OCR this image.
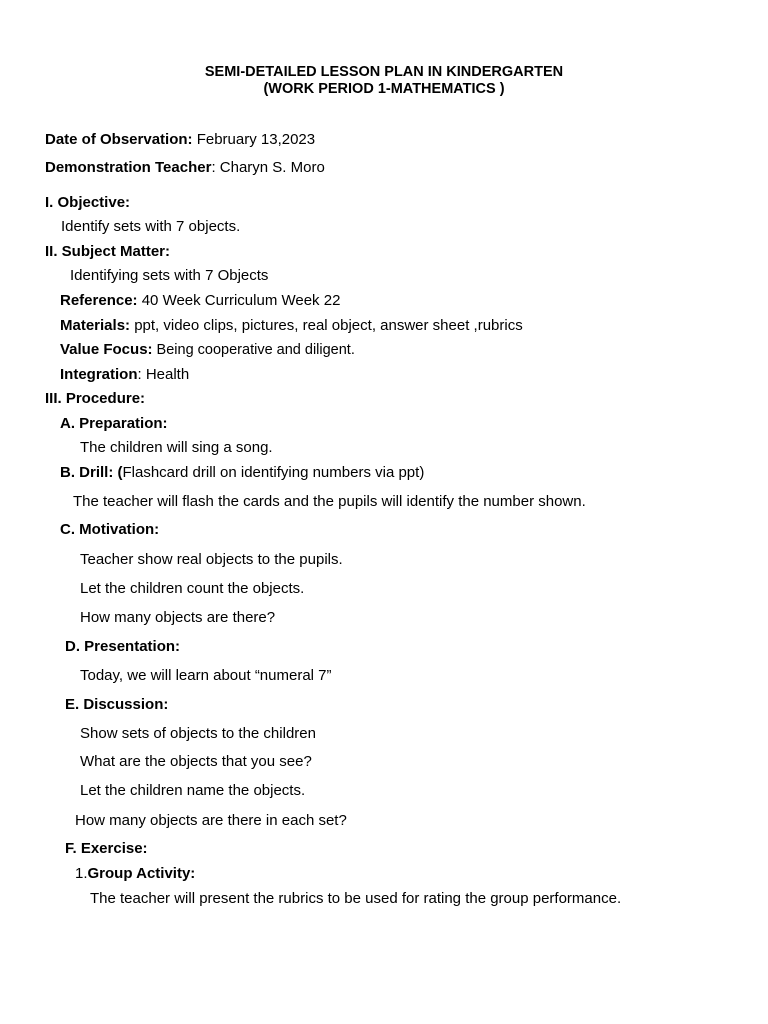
SEMI-DETAILED LESSON PLAN IN KINDERGARTEN
(WORK PERIOD 1-MATHEMATICS )
Date of Observation: February 13,2023
Demonstration Teacher: Charyn S. Moro
I. Objective:
Identify sets with 7 objects.
II. Subject Matter:
Identifying sets with 7 Objects
Reference: 40 Week Curriculum Week 22
Materials: ppt, video clips, pictures, real object, answer sheet ,rubrics
Value Focus: Being cooperative and diligent.
Integration: Health
III. Procedure:
A. Preparation:
The children will sing a song.
B. Drill: (Flashcard drill on identifying numbers via ppt)
The teacher will flash the cards and the pupils will identify the number shown.
C. Motivation:
Teacher show real objects to the pupils.
Let the children count the objects.
How many objects are there?
D. Presentation:
Today, we will learn about “numeral 7”
E. Discussion:
Show sets of objects to the children
What are the objects that you see?
Let the children name the objects.
How many objects are there in each set?
F. Exercise:
1.Group Activity:
The teacher will present the rubrics to be used for rating the group performance.
